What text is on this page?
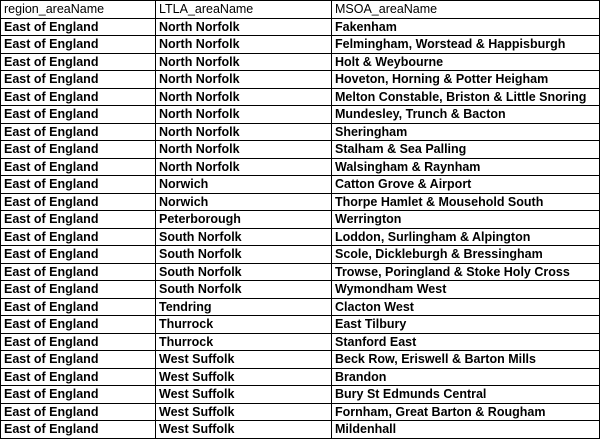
region_areaName	LTLA_areaName	MSOA_areaName
East of England	North Norfolk	Fakenham
East of England	North Norfolk	Felmingham, Worstead & Happisburgh
East of England	North Norfolk	Holt & Weybourne
East of England	North Norfolk	Hoveton, Horning & Potter Heigham
East of England	North Norfolk	Melton Constable, Briston & Little Snoring
East of England	North Norfolk	Mundesley, Trunch & Bacton
East of England	North Norfolk	Sheringham
East of England	North Norfolk	Stalham & Sea Palling
East of England	North Norfolk	Walsingham & Raynham
East of England	Norwich	Catton Grove & Airport
East of England	Norwich	Thorpe Hamlet & Mousehold South
East of England	Peterborough	Werrington
East of England	South Norfolk	Loddon, Surlingham & Alpington
East of England	South Norfolk	Scole, Dickleburgh & Bressingham
East of England	South Norfolk	Trowse, Poringland & Stoke Holy Cross
East of England	South Norfolk	Wymondham West
East of England	Tendring	Clacton West
East of England	Thurrock	East Tilbury
East of England	Thurrock	Stanford East
East of England	West Suffolk	Beck Row, Eriswell & Barton Mills
East of England	West Suffolk	Brandon
East of England	West Suffolk	Bury St Edmunds Central
East of England	West Suffolk	Fornham, Great Barton & Rougham
East of England	West Suffolk	Mildenhall
